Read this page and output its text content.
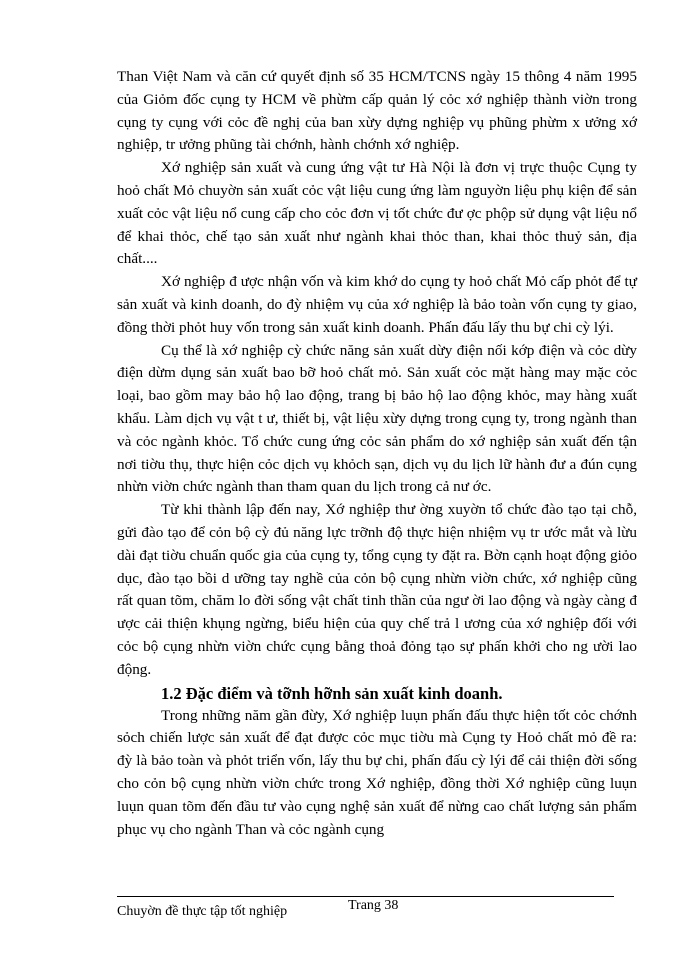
Than Việt Nam và căn cứ quyết định số 35 HCM/TCNS ngày 15 thông 4 năm 1995 của Giỏm đốc cụng ty HCM về phừm cấp quản lý cỏc xớ nghiệp thành viờn trong cụng ty cụng với cỏc đề nghị của ban xừy dựng nghiệp vụ phũng phừm x ưởng xớ nghiệp, tr ưởng phũng tài chớnh, hành chớnh xớ nghiệp.

Xớ nghiệp sản xuất và cung ứng vật tư Hà Nội là đơn vị trực thuộc Cụng ty hoỏ chất Mỏ chuyờn sản xuất cỏc vật liệu cung ứng làm nguyờn liệu phụ kiện để sản xuất cỏc vật liệu nổ cung cấp cho cỏc đơn vị tốt chức đư ợc phộp sử dụng vật liệu nổ để khai thỏc, chế tạo sản xuất như ngành khai thỏc than, khai thỏc thuỷ sản, địa chất....

Xớ nghiệp đ ược nhận vốn và kim khớ do cụng ty hoỏ chất Mỏ cấp phỏt để tự sản xuất và kinh doanh, do đỳ nhiệm vụ của xớ nghiệp là bảo toàn vốn cụng ty giao, đồng thời phỏt huy vốn trong sản xuất kinh doanh. Phấn đấu lấy thu bự chi cỳ lýi.

Cụ thể là xớ nghiệp cỳ chức năng sản xuất dừy điện nối kớp điện và cỏc dừy điện dừm dụng sản xuất bao bỡ hoỏ chất mỏ. Sản xuất cỏc mặt hàng may mặc cỏc loại, bao gồm may bảo hộ lao động, trang bị bảo hộ lao động khỏc, may hàng xuất khẩu. Làm dịch vụ vật t ư, thiết bị, vật liệu xừy dựng trong cụng ty, trong ngành than và cỏc ngành khỏc. Tổ chức cung ứng cỏc sản phẩm do xớ nghiệp sản xuất đến tận nơi tiờu thụ, thực hiện cỏc dịch vụ khỏch sạn, dịch vụ du lịch lữ hành đư a đún cụng nhừn viờn chức ngành than tham quan du lịch trong cả nư ớc.

Từ khi thành lập đến nay, Xớ nghiệp thư ờng xuyờn tổ chức đào tạo tại chỗ, gửi đào tạo để cỏn bộ cỳ đủ năng lực trỡnh độ thực hiện nhiệm vụ tr ước mắt và lừu dài đạt tiờu chuẩn quốc gia của cụng ty, tổng cụng ty đặt ra. Bờn cạnh hoạt động giỏo dục, đào tạo bồi d ưỡng tay nghề của cỏn bộ cụng nhừn viờn chức, xớ nghiệp cũng rất quan tõm, chăm lo đời sống vật chất tinh thần của ngư ời lao động và ngày càng đ ược cải thiện khụng ngừng, biểu hiện của quy chế trả l ương của xớ nghiệp đối với cỏc bộ cụng nhừn viờn chức cụng bằng thoả đỏng tạo sự phấn khởi cho ng ười lao động.

1.2 Đặc điểm và tỡnh hỡnh sản xuất kinh doanh.

Trong những năm gần đừy, Xớ nghiệp luụn phấn đấu thực hiện tốt cỏc chớnh sỏch chiến lược sản xuất để đạt được cỏc mục tiờu mà Cụng ty Hoỏ chất mỏ đề ra: đỳ là bảo toàn và phỏt triển vốn, lấy thu bự chi, phấn đấu cỳ lýi để cải thiện đời sống cho cỏn bộ cụng nhừn viờn chức trong Xớ nghiệp, đồng thời Xớ nghiệp cũng luụn luụn quan tõm đến đầu tư vào cụng nghệ sản xuất để nừng cao chất lượng sản phẩm phục vụ cho ngành Than và cỏc ngành cụng

Chuyờn đề thực tập tốt nghiệp	Trang 38
